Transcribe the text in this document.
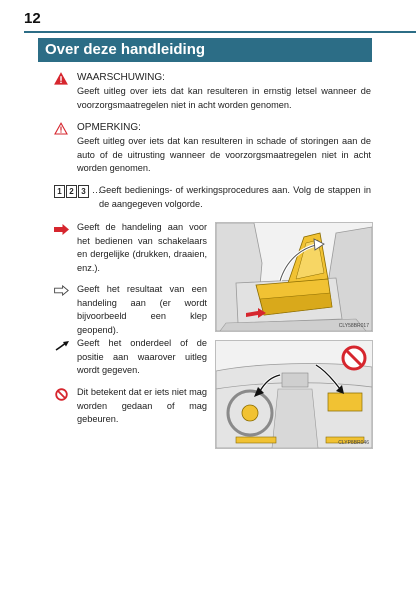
12
Over deze handleiding
WAARSCHUWING:
Geeft uitleg over iets dat kan resulteren in ernstig letsel wanneer de voorzorgsmaatregelen niet in acht worden genomen.
OPMERKING:
Geeft uitleg over iets dat kan resulteren in schade of storingen aan de auto of de uitrusting wanneer de voorzorgsmaatregelen niet in acht worden genomen.
1 2 3 ···
Geeft bedienings- of werkingsprocedures aan. Volg de stappen in de aangegeven volgorde.
Geeft de handeling aan voor het bedienen van schakelaars en dergelijke (drukken, draaien, enz.).
Geeft het resultaat van een handeling aan (er wordt bijvoorbeeld een klep geopend).	CLY58BR017
Geeft het onderdeel of de positie aan waarover uitleg wordt gegeven.
Dit betekent dat er iets niet mag worden gedaan of mag gebeuren.
CLYP8BR046
